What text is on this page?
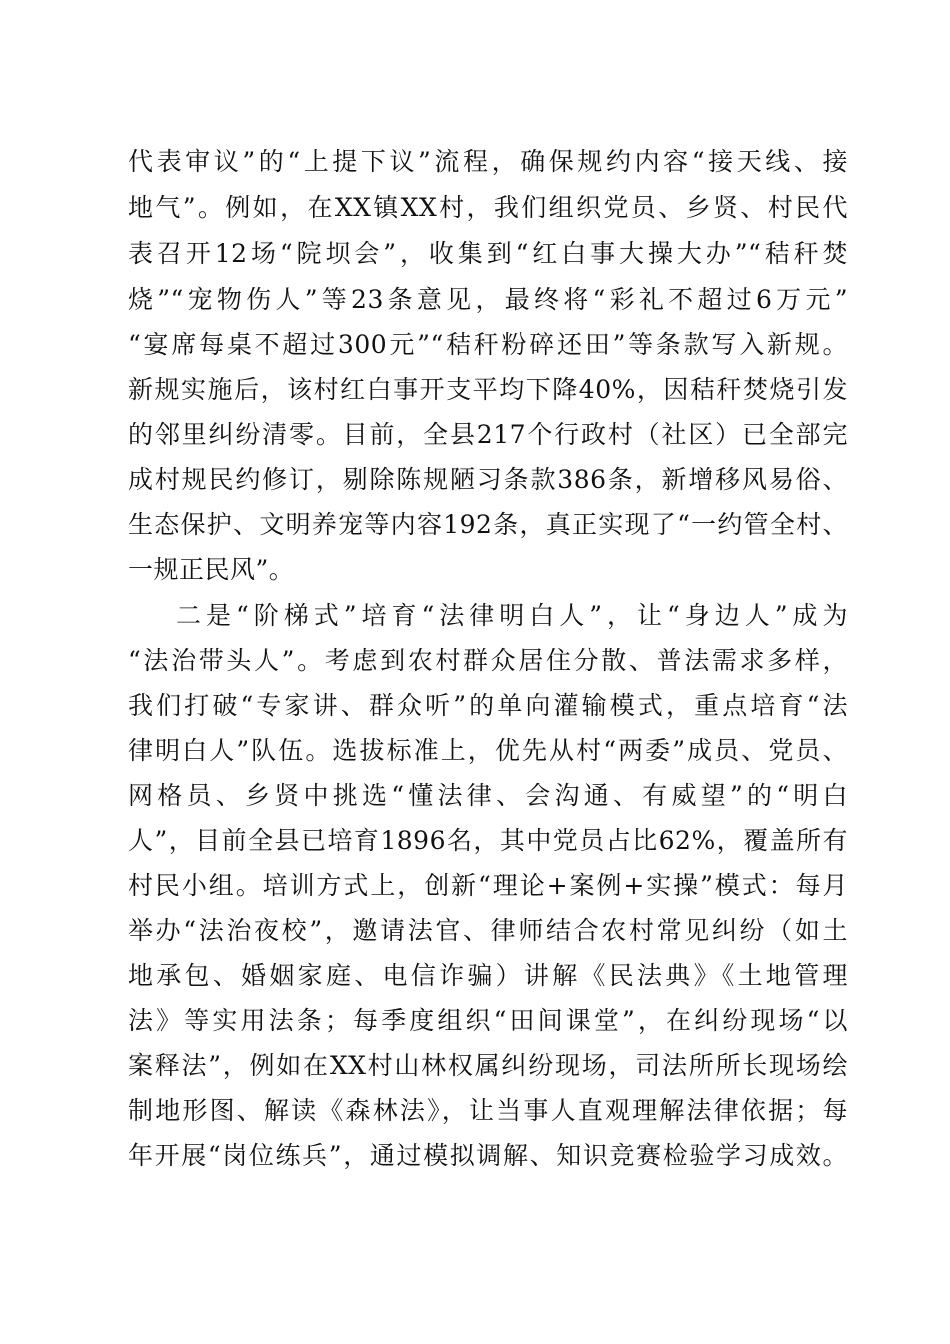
代表审议”的“上提下议”流程，确保规约内容“接天线、接
地气”。例如，在XX镇XX村，我们组织党员、乡贤、村民代
表召开12场“院坝会”，收集到“红白事大操大办”“秸秆焚
烧”“宠物伤人”等23条意见，最终将“彩礼不超过6万元”
“宴席每桌不超过300元”“秸秆粉碎还田”等条款写入新规。
新规实施后，该村红白事开支平均下降40%，因秸秆焚烧引发
的邻里纠纷清零。目前，全县217个行政村（社区）已全部完
成村规民约修订，剔除陈规陋习条款386条，新增移风易俗、
生态保护、文明养宠等内容192条，真正实现了“一约管全村、
一规正民风”。
二是“阶梯式”培育“法律明白人”，让“身边人”成为
“法治带头人”。考虑到农村群众居住分散、普法需求多样，
我们打破“专家讲、群众听”的单向灌输模式，重点培育“法
律明白人”队伍。选拔标准上，优先从村“两委”成员、党员、
网格员、乡贤中挑选“懂法律、会沟通、有威望”的“明白
人”，目前全县已培育1896名，其中党员占比62%，覆盖所有
村民小组。培训方式上，创新“理论+案例+实操”模式：每月
举办“法治夜校”，邀请法官、律师结合农村常见纠纷（如土
地承包、婚姻家庭、电信诈骗）讲解《民法典》《土地管理
法》等实用法条；每季度组织“田间课堂”，在纠纷现场“以
案释法”，例如在XX村山林权属纠纷现场，司法所所长现场绘
制地形图、解读《森林法》，让当事人直观理解法律依据；每
年开展“岗位练兵”，通过模拟调解、知识竞赛检验学习成效。
